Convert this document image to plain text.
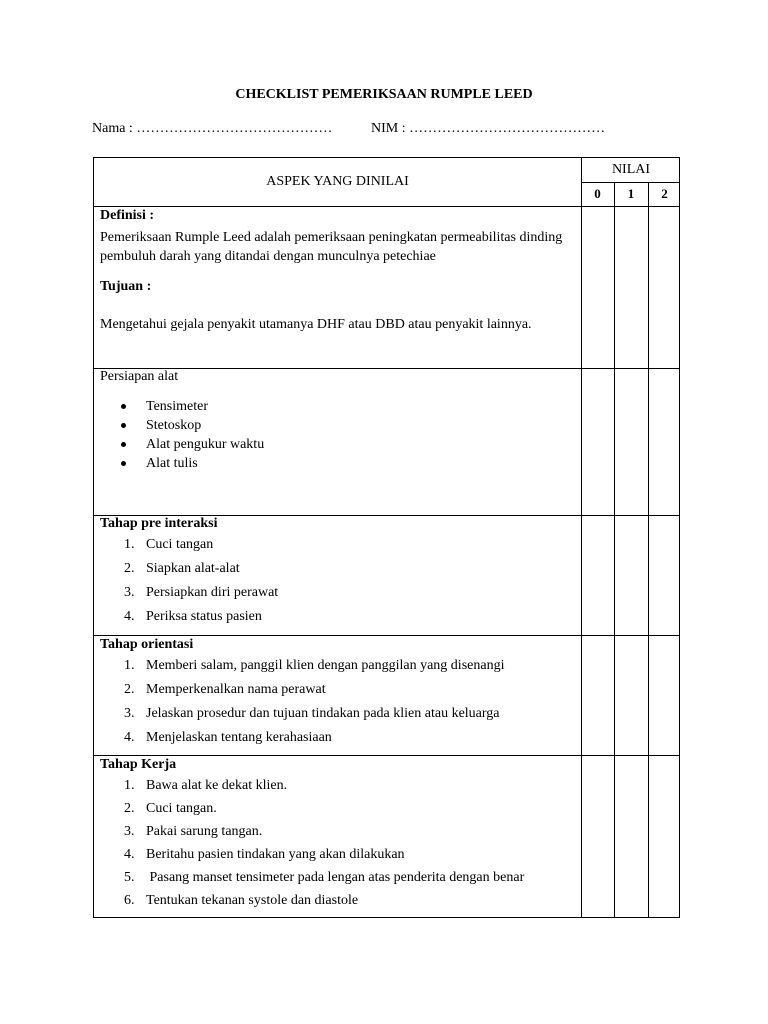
CHECKLIST PEMERIKSAAN RUMPLE LEED
Nama : ……………………………………	NIM : ……………………………………
ASPEK YANG DINILAI
NILAI
0	1	2

Definisi :

Pemeriksaan Rumple Leed adalah pemeriksaan peningkatan permeabilitas dinding pembuluh darah yang ditandai dengan munculnya petechiae

Tujuan :

Mengetahui gejala penyakit utamanya DHF atau DBD atau penyakit lainnya.

Persiapan alat

Tensimeter
Stetoskop
Alat pengukur waktu
Alat tulis

Tahap pre interaksi

1. Cuci tangan
2. Siapkan alat-alat
3. Persiapkan diri perawat
4. Periksa status pasien

Tahap orientasi

1. Memberi salam, panggil klien dengan panggilan yang disenangi
2. Memperkenalkan nama perawat
3. Jelaskan prosedur dan tujuan tindakan pada klien atau keluarga
4. Menjelaskan tentang kerahasiaan

Tahap Kerja

1. Bawa alat ke dekat klien.
2. Cuci tangan.
3. Pakai sarung tangan.
4. Beritahu pasien tindakan yang akan dilakukan
5. Pasang manset tensimeter pada lengan atas penderita dengan benar
6. Tentukan tekanan systole dan diastole
